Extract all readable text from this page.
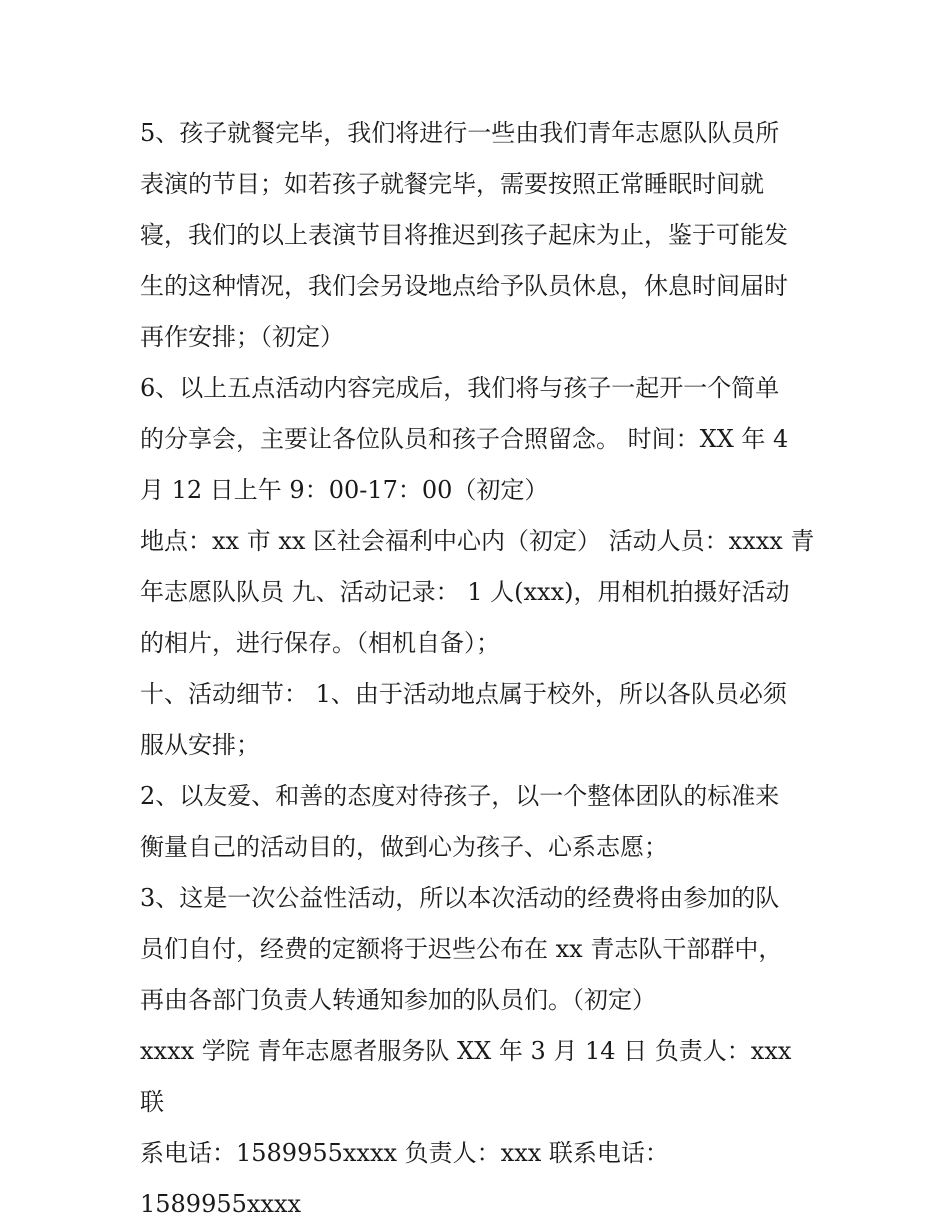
5、孩子就餐完毕，我们将进行一些由我们青年志愿队队员所
表演的节目；如若孩子就餐完毕，需要按照正常睡眠时间就
寝，我们的以上表演节目将推迟到孩子起床为止，鉴于可能发
生的这种情况，我们会另设地点给予队员休息，休息时间届时
再作安排；（初定）
6、以上五点活动内容完成后，我们将与孩子一起开一个简单
的分享会，主要让各位队员和孩子合照留念。 时间：XX 年 4
月 12 日上午 9：00-17：00（初定）
地点：xx 市 xx 区社会福利中心内（初定） 活动人员：xxxx 青
年志愿队队员 九、活动记录： 1 人(xxx)，用相机拍摄好活动
的相片，进行保存。（相机自备）；
十、活动细节： 1、由于活动地点属于校外，所以各队员必须
服从安排；
2、以友爱、和善的态度对待孩子，以一个整体团队的标准来
衡量自己的活动目的，做到心为孩子、心系志愿；
3、这是一次公益性活动，所以本次活动的经费将由参加的队
员们自付，经费的定额将于迟些公布在 xx 青志队干部群中，
再由各部门负责人转通知参加的队员们。（初定）
xxxx 学院 青年志愿者服务队 XX 年 3 月 14 日 负责人：xxx 联
系电话：1589955xxxx 负责人：xxx 联系电话：1589955xxxx
